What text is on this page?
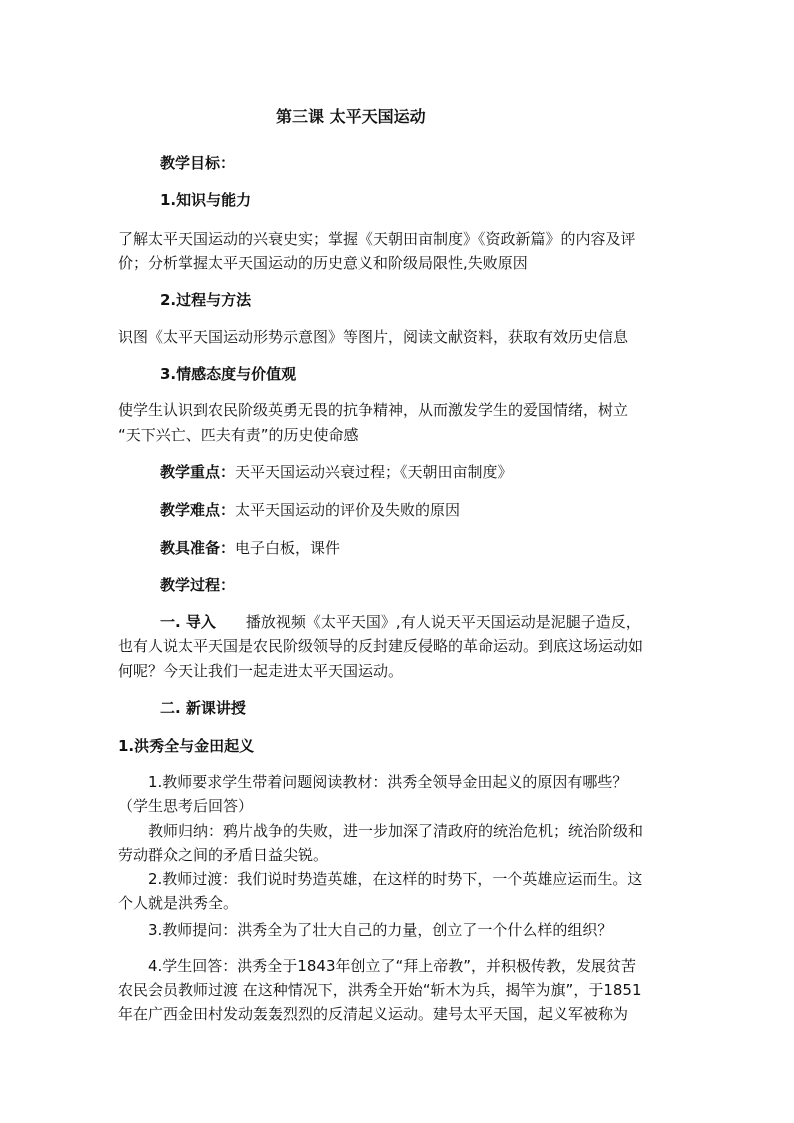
第三课 太平天国运动
教学目标：
1.知识与能力
了解太平天国运动的兴衰史实；掌握《天朝田亩制度》《资政新篇》的内容及评
价；分析掌握太平天国运动的历史意义和阶级局限性,失败原因
2.过程与方法
识图《太平天国运动形势示意图》等图片，阅读文献资料，获取有效历史信息
3.情感态度与价值观
使学生认识到农民阶级英勇无畏的抗争精神，从而激发学生的爱国情绪，树立
“天下兴亡、匹夫有责”的历史使命感
教学重点：天平天国运动兴衰过程；《天朝田亩制度》
教学难点：太平天国运动的评价及失败的原因
教具准备：电子白板，课件
教学过程：
一. 导入 播放视频《太平天国》,有人说天平天国运动是泥腿子造反，
也有人说太平天国是农民阶级领导的反封建反侵略的革命运动。到底这场运动如
何呢？今天让我们一起走进太平天国运动。
二. 新课讲授
1.洪秀全与金田起义
1.教师要求学生带着问题阅读教材：洪秀全领导金田起义的原因有哪些？
（学生思考后回答）
教师归纳：鸦片战争的失败，进一步加深了清政府的统治危机；统治阶级和
劳动群众之间的矛盾日益尖锐。
2.教师过渡：我们说时势造英雄，在这样的时势下，一个英雄应运而生。这
个人就是洪秀全。
3.教师提问：洪秀全为了壮大自己的力量，创立了一个什么样的组织？
4.学生回答：洪秀全于1843年创立了“拜上帝教”，并积极传教，发展贫苦
农民会员教师过渡 在这种情况下，洪秀全开始“斩木为兵，揭竿为旗”，于1851
年在广西金田村发动轰轰烈烈的反清起义运动。建号太平天国，起义军被称为
